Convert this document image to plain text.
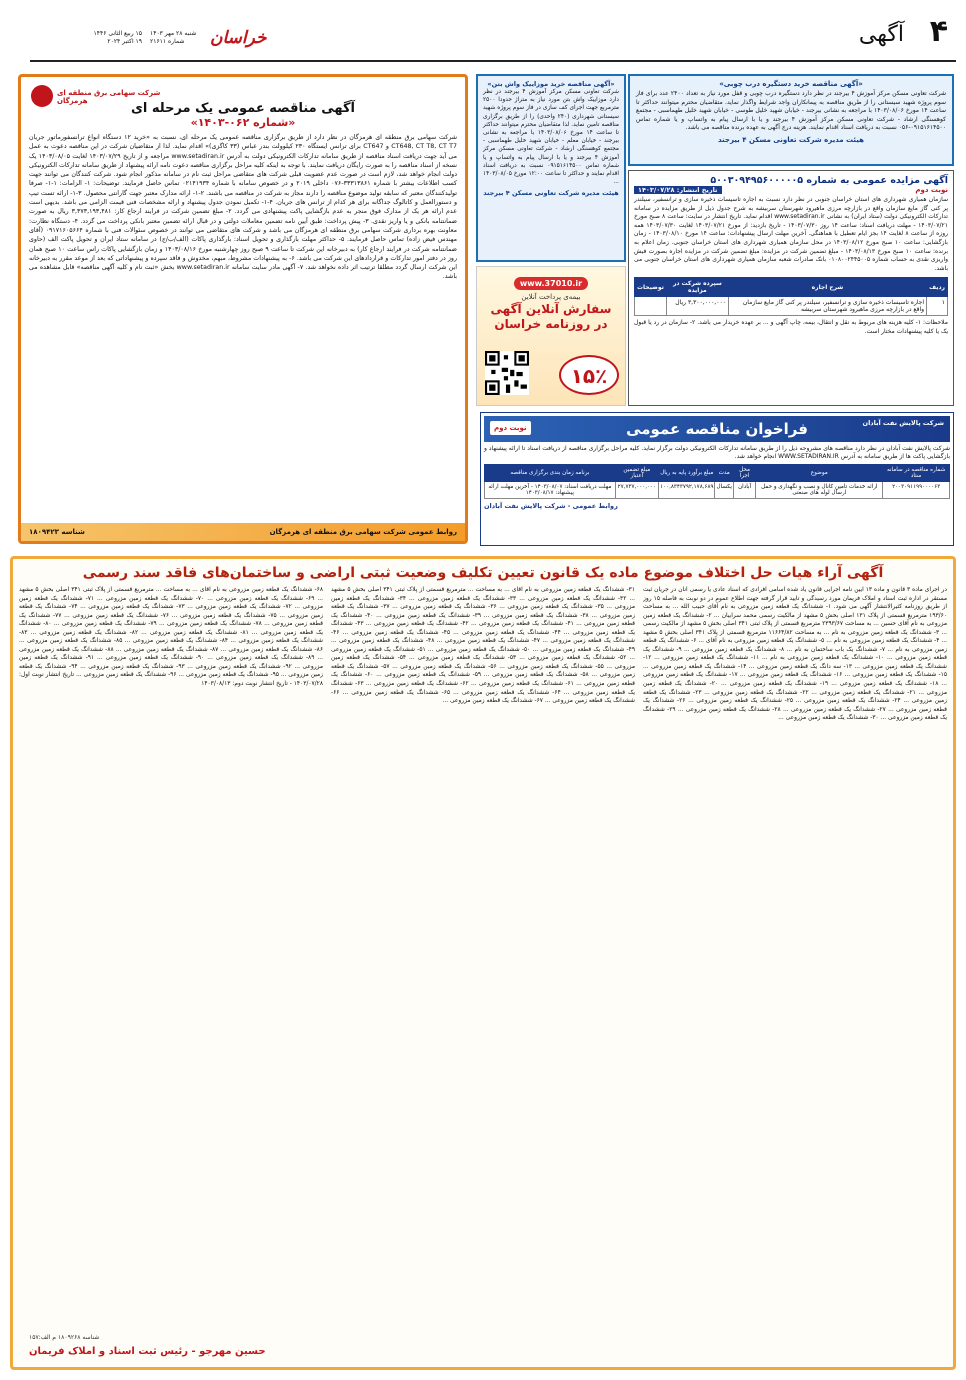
۴
آگهی
خراسان
شنبه ۲۸ مهر ۱۴۰۳
شماره ۲۱۶۱۱
۱۵ ربیع الثانی ۱۴۴۶
۱۹ اکتبر ۲۰۲۴
«آگهی مناقصه خرید دستگیره درب چوبی»
شرکت تعاونی مسکن مرکز آموزش ۴ بیرجند در نظر دارد دستگیره درب چوبی و قفل مورد نیاز به تعداد ۲۴۰۰ عدد برای فاز سوم پروژه شهید سیستانی را از طریق مناقصه به پیمانکاران واجد شرایط واگذار نماید. متقاضیان محترم میتوانند حداکثر تا ساعت ۱۴ مورخ ۱۴۰۳/۰۸/۰۶ با مراجعه به نشانی بیرجند - خیابان شهید خلیل طوسی - خیابان شهید خلیل طهماسبی - مجتمع کوهسنگی ارشاد - شرکت تعاونی مسکن مرکز آموزش ۴ بیرجند و یا با ارسال پیام به واتساپ و یا شماره تماس ۰۹۱۵۱۶۱۴۵۰۰-۰۵۶ نسبت به دریافت اسناد اقدام نمایند. هزینه درج آگهی به عهده برنده مناقصه می باشد.
هیئت مدیره شرکت تعاونی مسکن ۴ بیرجند
آگهی مزایده عمومی به شماره ۵۰۰۳۰۹۴۹۵۶۰۰۰۰۰۵
نوبت دوم
تاریخ انتشار: ۱۴۰۳/۰۷/۲۸
سازمان همیاری شهرداری های استان خراسان جنوبی در نظر دارد نسبت به اجاره تاسیسات ذخیره سازی و ترانسفیر، سیلندر پر کنی گاز مایع سازمان واقع در بازارچه مرزی ماهیرود شهرستان سربیشه به شرح جدول ذیل از طریق مزایده در سامانه تدارکات الکترونیکی دولت (ستاد ایران) به نشانی www.setadiran.ir اقدام نماید. تاریخ انتشار در سایت: ساعت ۸ صبح مورخ ۱۴۰۳/۰۷/۲۱ - مهلت دریافت اسناد: ساعت ۱۴ روز ۱۴۰۳/۰۷/۳۰ - تاریخ بازدید: از مورخ ۱۴۰۳/۰۷/۲۱ لغایت ۱۴۰۳/۰۷/۳۰ همه روزه از ساعت ۸ لغایت ۱۴ بجز ایام تعطیل با هماهنگی. آخرین مهلت ارسال پیشنهادات: ساعت ۱۴ مورخ ۱۴۰۳/۰۸/۱۰ - زمان بازگشایی: ساعت ۱۰ صبح مورخ ۱۴۰۳/۰۸/۱۲ در محل سازمان همیاری شهرداری های استان خراسان جنوبی. زمان اعلام به برنده: ساعت ۱۰ صبح مورخ ۱۴۰۳/۰۸/۱۳ - مبلغ تضمین شرکت در مزایده: مبلغ تضمین شرکت در مزایده اجاره بصورت فیش واریزی نقدی به حساب شماره ۰۱۰۸۰۰۲۴۴۵۰۰۵ بانک صادرات شعبه سازمان همیاری شهرداری های استان خراسان جنوبی می باشد.
ردیف	شرح اجاره	سپرده شرکت در مزایده	توضیحات
۱	اجاره تاسیسات ذخیره سازی و ترانسفیر، سیلندر پر کنی گاز مایع سازمان واقع در بازارچه مرزی ماهیرود شهرستان سربیشه	۳,۳۰۰,۰۰۰,۰۰۰ ریال	
ملاحظات: ۱- کلیه هزینه های مربوط به نقل و انتقال، بیمه، چاپ آگهی و ... بر عهده خریدار می باشد. ۲- سازمان در رد یا قبول یک یا کلیه پیشنهادات مختار است.
«آگهی مناقصه خرید موزاییک واش بتن»
شرکت تعاونی مسکن مرکز آموزش ۴ بیرجند در نظر دارد موزاییک واش بتن مورد نیاز به متراژ حدودا ۲۵۰۰ مترمربع جهت اجرای کف سازی در فاز سوم پروژه شهید سیستانی شهرداری (۲۴۰ واحدی) را از طریق برگزاری مناقصه تامین نماید. لذا متقاضیان محترم میتوانند حداکثر تا ساعت ۱۴ مورخ ۱۴۰۳/۰۸/۰۶ با مراجعه به نشانی بیرجند - خیابان معلم - خیابان شهید خلیل طهماسبی - مجتمع کوهسنگی ارشاد - شرکت تعاونی مسکن مرکز آموزش ۴ بیرجند و یا با ارسال پیام به واتساپ و یا شماره تماس ۰۹۱۵۱۶۱۴۵۰۰ نسبت به دریافت اسناد اقدام نمایند و حداکثر تا ساعت ۱۲:۰۰ مورخ ۱۴۰۳/۰۸/۰۵ ...
هیئت مدیره شرکت تعاونی مسکن ۴ بیرجند
www.37010.ir
بیمه‌ی پرداخت آنلاین
سفارش آنلاین آگهی
در روزنامه خراسان
۱۵٪
شرکت سهامی برق منطقه ای هرمزگان	آگهی مناقصه عمومی یک مرحله ای
«شماره ۰۶۲-۱۴۰۳»
شرکت سهامی برق منطقه ای هرمزگان در نظر دارد از طریق برگزاری مناقصه عمومی یک مرحله ای، نسبت به «خرید ۱۲ دستگاه انواع ترانسفورماتور جریان CT648, CT T8, CT T7 و CT647 برای ترانس ایستگاه ۲۳۰ کیلوولت بندر عباس (۳۳ کاگزی)» اقدام نماید. لذا از متقاضیان شرکت در این مناقصه دعوت به عمل می آید جهت دریافت اسناد مناقصه از طریق سامانه تدارکات الکترونیکی دولت به آدرس www.setadiran.ir مراجعه و از تاریخ ۱۴۰۳/۰۷/۲۹ لغایت ۱۴۰۳/۰۸/۰۵ یک نسخه از اسناد مناقصه را به صورت رایگان دریافت نمایند. با توجه به اینکه کلیه مراحل برگزاری مناقصه دعوت نامه ارائه پیشنهاد از طریق سامانه تدارکات الکترونیکی دولت انجام خواهد شد، لازم است در صورت عدم عضویت قبلی شرکت های متقاضی مراحل ثبت نام در سامانه مذکور انجام شود. شرکت کنندگان می توانند جهت کسب اطلاعات بیشتر با شماره ۳۳۳۱۳۸۶۱-۰۷۶ داخلی ۲۰۱۹ و در خصوص سامانه با شماره ۰۲۱۴۱۹۳۴ تماس حاصل فرمایند. توضیحات: ۱- الزامات: ۱-۱- صرفا تولیدکنندگان معتبر که سابقه تولید موضوع مناقصه را دارند مجاز به شرکت در مناقصه می باشند. ۲-۱- ارائه مدارک معتبر جهت گارانتی محصول. ۳-۱- ارائه تست تیپ و دستورالعمل و کاتالوگ جداگانه برای هر کدام از ترانس های جریان. ۴-۱- تکمیل نمودن جدول پیشنهاد و ارائه مشخصات فنی قیمت الزامی می باشد. بدیهی است عدم ارائه هر یک از مدارک فوق منجر به عدم بازگشایی پاکت پیشنهادی می گردد. ۲- مبلغ تضمین شرکت در فرایند ارجاع کار: ۳,۳۷۳,۱۹۳,۴۸۱ ریال به صورت ضمانتنامه بانکی و یا واریز نقدی. ۳- پیش پرداخت: طبق آیین نامه تضمین معاملات دولتی و در قبال ارائه تضمین معتبر بانکی پرداخت می گردد. ۴- دستگاه نظارت: معاونت بهره برداری شرکت سهامی برق منطقه ای هرمزگان می باشد و شرکت های متقاضی می توانند در خصوص سئوالات فنی با شماره ۰۹۱۷۱۶۰۵۶۶۴ (آقای مهندس فیض زاده) تماس حاصل فرمایند. ۵- حداکثر مهلت بارگذاری و تحویل اسناد: بارگذاری پاکات (الف/ب/ج) در سامانه ستاد ایران و تحویل پاکت الف (حاوی ضمانتنامه شرکت در فرایند ارجاع کار) به دبیرخانه این شرکت تا ساعت ۹ صبح روز چهارشنبه مورخ ۱۴۰۳/۰۸/۱۶ و زمان بازگشایی پاکات راس ساعت ۱۰ صبح همان روز در دفتر امور تدارکات و قراردادهای این شرکت می باشد. ۶- به پیشنهادات مشروط، مبهم، مخدوش و فاقد سپرده و پیشنهاداتی که بعد از موعد مقرر به دبیرخانه این شرکت ارسال گردد مطلقا ترتیب اثر داده نخواهد شد. ۷- آگهی مادر سایت سامانه www.setadiran.ir بخش «ثبت نام و کلیه آگهی مناقصه» قابل مشاهده می باشد.
روابط عمومی شرکت سهامی برق منطقه ای هرمزگان
شناسه ۱۸۰۹۴۲۳
فراخوان مناقصه عمومی
نوبت دوم
شرکت پالایش نفت آبادان
شرکت پالایش نفت آبادان در نظر دارد مناقصه های مشروحه ذیل را از طریق سامانه تدارکات الکترونیکی دولت برگزار نماید. کلیه مراحل برگزاری مناقصه از دریافت اسناد تا ارائه پیشنهاد و بازگشایی پاکت ها از طریق سامانه به آدرس WWW.SETADIRAN.IR انجام خواهد شد.
شماره مناقصه در سامانه ستاد	موضوع	محل اجرا	مدت	مبلغ برآورد پایه به ریال	مبلغ تضمین اعتبار	برنامه زمان بندی برگزاری مناقصه
۲۰۰۳۰۹۱۱۹۹۰۰۰۰۶۳	ارائه خدمات تامین کانال و نصب و نگهداری و حمل ارسال لوله های صنعتی	آبادان	یکسال	۱۰۰,۸۳۴۳۷۹۲,۱۷۸,۶۸۹	۲۷,۷۳۷,۰۰۰,۰۰۰	مهلت دریافت اسناد: ۱۴۰۳/۰۸/۰۷ - آخرین مهلت ارائه پیشنهاد: ۱۴۰۳/۰۸/۱۷
روابط عمومی - شرکت پالایش نفت آبادان
آگهی آراء هیات حل اختلاف موضوع ماده یک قانون تعیین تکلیف وضعیت ثبتی اراضی و ساختمان‌های فاقد سند رسمی
در اجرای ماده ۳ قانون و ماده ۱۳ آیین نامه اجرایی قانون یاد شده اسامی افرادی که اسناد عادی یا رسمی آنان در جریان ثبت مستقر در اداره ثبت اسناد و املاک فریمان مورد رسیدگی و تایید قرار گرفته جهت اطلاع عموم در دو نوبت به فاصله ۱۵ روز از طریق روزنامه کثیرالانتشار آگهی می شود. ۱- ششدانگ یک قطعه زمین مزروعی به نام آقای حبیب الله ... به مساحت ۱۹۳/۶۰ مترمربع قسمتی از پلاک ۱۳۱ اصلی بخش ۵ مشهد از مالکیت رسمی محمد سرابیان ... ۲- ششدانگ یک قطعه زمین مزروعی به نام آقای حسین ... به مساحت ۲۳۹۳/۶۷ مترمربع قسمتی از پلاک ثبتی ۳۴۱ اصلی بخش ۵ مشهد از مالکیت رسمی ... ۳- ششدانگ یک قطعه زمین مزروعی به نام ... به مساحت ۱۱۶۶۴/۸۲ مترمربع قسمتی از پلاک ۳۴۱ اصلی بخش ۵ مشهد ... ۴- ششدانگ یک قطعه زمین مزروعی به نام ... ۵- ششدانگ یک قطعه زمین مزروعی به نام آقای ... ۶- ششدانگ یک قطعه زمین مزروعی به نام ... ۷- ششدانگ یک باب ساختمان به نام ... ۸- ششدانگ یک قطعه زمین مزروعی ... ۹- ششدانگ یک قطعه زمین مزروعی ... ۱۰- ششدانگ یک قطعه زمین مزروعی به نام ... ۱۱- ششدانگ یک قطعه زمین مزروعی ... ۱۲- ششدانگ یک قطعه زمین مزروعی ... ۱۳- سه دانگ یک قطعه زمین مزروعی ... ۱۴- ششدانگ یک قطعه زمین مزروعی ... ۱۵- ششدانگ یک قطعه زمین مزروعی ... ۱۶- ششدانگ یک قطعه زمین مزروعی ... ۱۷- ششدانگ یک قطعه زمین مزروعی ... ۱۸- ششدانگ یک قطعه زمین مزروعی ... ۱۹- ششدانگ یک قطعه زمین مزروعی ... ۲۰- ششدانگ یک قطعه زمین مزروعی ... ۲۱- ششدانگ یک قطعه زمین مزروعی ... ۲۲- ششدانگ یک قطعه زمین مزروعی ... ۲۳- ششدانگ یک قطعه زمین مزروعی ... ۲۴- ششدانگ یک قطعه زمین مزروعی ... ۲۵- ششدانگ یک قطعه زمین مزروعی ... ۲۶- ششدانگ یک قطعه زمین مزروعی ... ۲۷- ششدانگ یک قطعه زمین مزروعی ... ۲۸- ششدانگ یک قطعه زمین مزروعی ... ۲۹- ششدانگ یک قطعه زمین مزروعی ... ۳۰- ششدانگ یک قطعه زمین مزروعی ...
۳۱- ششدانگ یک قطعه زمین مزروعی به نام آقای ... به مساحت ... مترمربع قسمتی از پلاک ثبتی ۳۴۱ اصلی بخش ۵ مشهد ... ۳۲- ششدانگ یک قطعه زمین مزروعی ... ۳۳- ششدانگ یک قطعه زمین مزروعی ... ۳۴- ششدانگ یک قطعه زمین مزروعی ... ۳۵- ششدانگ یک قطعه زمین مزروعی ... ۳۶- ششدانگ یک قطعه زمین مزروعی ... ۳۷- ششدانگ یک قطعه زمین مزروعی ... ۳۸- ششدانگ یک قطعه زمین مزروعی ... ۳۹- ششدانگ یک قطعه زمین مزروعی ... ۴۰- ششدانگ یک قطعه زمین مزروعی ... ۴۱- ششدانگ یک قطعه زمین مزروعی ... ۴۲- ششدانگ یک قطعه زمین مزروعی ... ۴۳- ششدانگ یک قطعه زمین مزروعی ... ۴۴- ششدانگ یک قطعه زمین مزروعی ... ۴۵- ششدانگ یک قطعه زمین مزروعی ... ۴۶- ششدانگ یک قطعه زمین مزروعی ... ۴۷- ششدانگ یک قطعه زمین مزروعی ... ۴۸- ششدانگ یک قطعه زمین مزروعی ... ۴۹- ششدانگ یک قطعه زمین مزروعی ... ۵۰- ششدانگ یک قطعه زمین مزروعی ... ۵۱- ششدانگ یک قطعه زمین مزروعی ... ۵۲- ششدانگ یک قطعه زمین مزروعی ... ۵۳- ششدانگ یک قطعه زمین مزروعی ... ۵۴- ششدانگ یک قطعه زمین مزروعی ... ۵۵- ششدانگ یک قطعه زمین مزروعی ... ۵۶- ششدانگ یک قطعه زمین مزروعی ... ۵۷- ششدانگ یک قطعه زمین مزروعی ... ۵۸- ششدانگ یک قطعه زمین مزروعی ... ۵۹- ششدانگ یک قطعه زمین مزروعی ... ۶۰- ششدانگ یک قطعه زمین مزروعی ... ۶۱- ششدانگ یک قطعه زمین مزروعی ... ۶۲- ششدانگ یک قطعه زمین مزروعی ... ۶۳- ششدانگ یک قطعه زمین مزروعی ... ۶۴- ششدانگ یک قطعه زمین مزروعی ... ۶۵- ششدانگ یک قطعه زمین مزروعی ... ۶۶- ششدانگ یک قطعه زمین مزروعی ... ۶۷- ششدانگ یک قطعه زمین مزروعی ...
۶۸- ششدانگ یک قطعه زمین مزروعی به نام آقای ... به مساحت ... مترمربع قسمتی از پلاک ثبتی ۳۴۱ اصلی بخش ۵ مشهد ... ۶۹- ششدانگ یک قطعه زمین مزروعی ... ۷۰- ششدانگ یک قطعه زمین مزروعی ... ۷۱- ششدانگ یک قطعه زمین مزروعی ... ۷۲- ششدانگ یک قطعه زمین مزروعی ... ۷۳- ششدانگ یک قطعه زمین مزروعی ... ۷۴- ششدانگ یک قطعه زمین مزروعی ... ۷۵- ششدانگ یک قطعه زمین مزروعی ... ۷۶- ششدانگ یک قطعه زمین مزروعی ... ۷۷- ششدانگ یک قطعه زمین مزروعی ... ۷۸- ششدانگ یک قطعه زمین مزروعی ... ۷۹- ششدانگ یک قطعه زمین مزروعی ... ۸۰- ششدانگ یک قطعه زمین مزروعی ... ۸۱- ششدانگ یک قطعه زمین مزروعی ... ۸۲- ششدانگ یک قطعه زمین مزروعی ... ۸۳- ششدانگ یک قطعه زمین مزروعی ... ۸۴- ششدانگ یک قطعه زمین مزروعی ... ۸۵- ششدانگ یک قطعه زمین مزروعی ... ۸۶- ششدانگ یک قطعه زمین مزروعی ... ۸۷- ششدانگ یک قطعه زمین مزروعی ... ۸۸- ششدانگ یک قطعه زمین مزروعی ... ۸۹- ششدانگ یک قطعه زمین مزروعی ... ۹۰- ششدانگ یک قطعه زمین مزروعی ... ۹۱- ششدانگ یک قطعه زمین مزروعی ... ۹۲- ششدانگ یک قطعه زمین مزروعی ... ۹۳- ششدانگ یک قطعه زمین مزروعی ... ۹۴- ششدانگ یک قطعه زمین مزروعی ... ۹۵- ششدانگ یک قطعه زمین مزروعی ... ۹۶- ششدانگ یک قطعه زمین مزروعی ... تاریخ انتشار نوبت اول: ۱۴۰۳/۰۷/۲۸ - تاریخ انتشار نوبت دوم: ۱۴۰۳/۰۸/۱۳
شناسه ۱۸۰۹۲۶۸ م الف:۱۵۷
حسین مهرجو - رئیس ثبت اسناد و املاک فریمان
